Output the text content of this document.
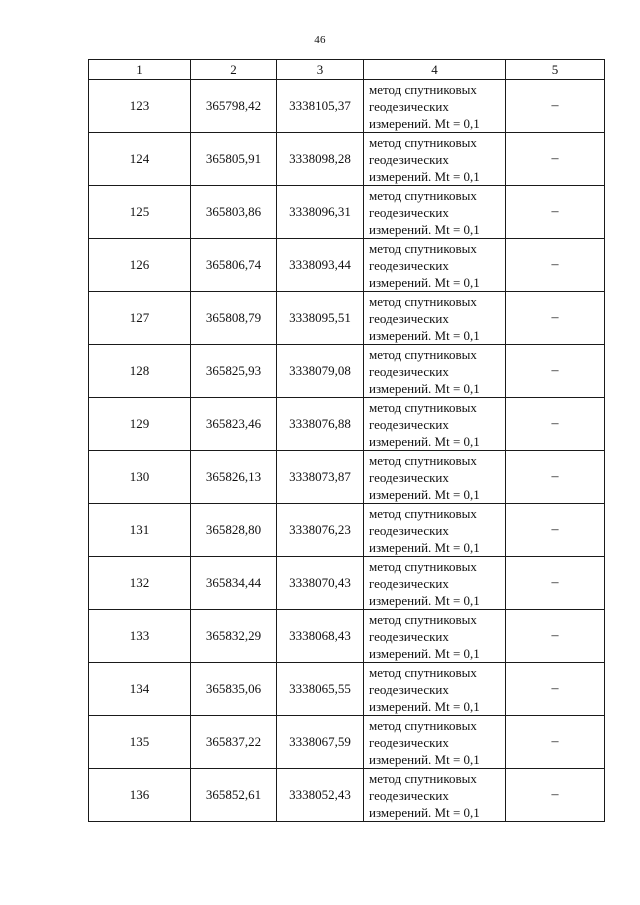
46
1	2	3	4	5
123	365798,42	3338105,37	метод спутниковых
геодезических
измерений. Mt = 0,1	–
124	365805,91	3338098,28	метод спутниковых
геодезических
измерений. Mt = 0,1	–
125	365803,86	3338096,31	метод спутниковых
геодезических
измерений. Mt = 0,1	–
126	365806,74	3338093,44	метод спутниковых
геодезических
измерений. Mt = 0,1	–
127	365808,79	3338095,51	метод спутниковых
геодезических
измерений. Mt = 0,1	–
128	365825,93	3338079,08	метод спутниковых
геодезических
измерений. Mt = 0,1	–
129	365823,46	3338076,88	метод спутниковых
геодезических
измерений. Mt = 0,1	–
130	365826,13	3338073,87	метод спутниковых
геодезических
измерений. Mt = 0,1	–
131	365828,80	3338076,23	метод спутниковых
геодезических
измерений. Mt = 0,1	–
132	365834,44	3338070,43	метод спутниковых
геодезических
измерений. Mt = 0,1	–
133	365832,29	3338068,43	метод спутниковых
геодезических
измерений. Mt = 0,1	–
134	365835,06	3338065,55	метод спутниковых
геодезических
измерений. Mt = 0,1	–
135	365837,22	3338067,59	метод спутниковых
геодезических
измерений. Mt = 0,1	–
136	365852,61	3338052,43	метод спутниковых
геодезических
измерений. Mt = 0,1	–
